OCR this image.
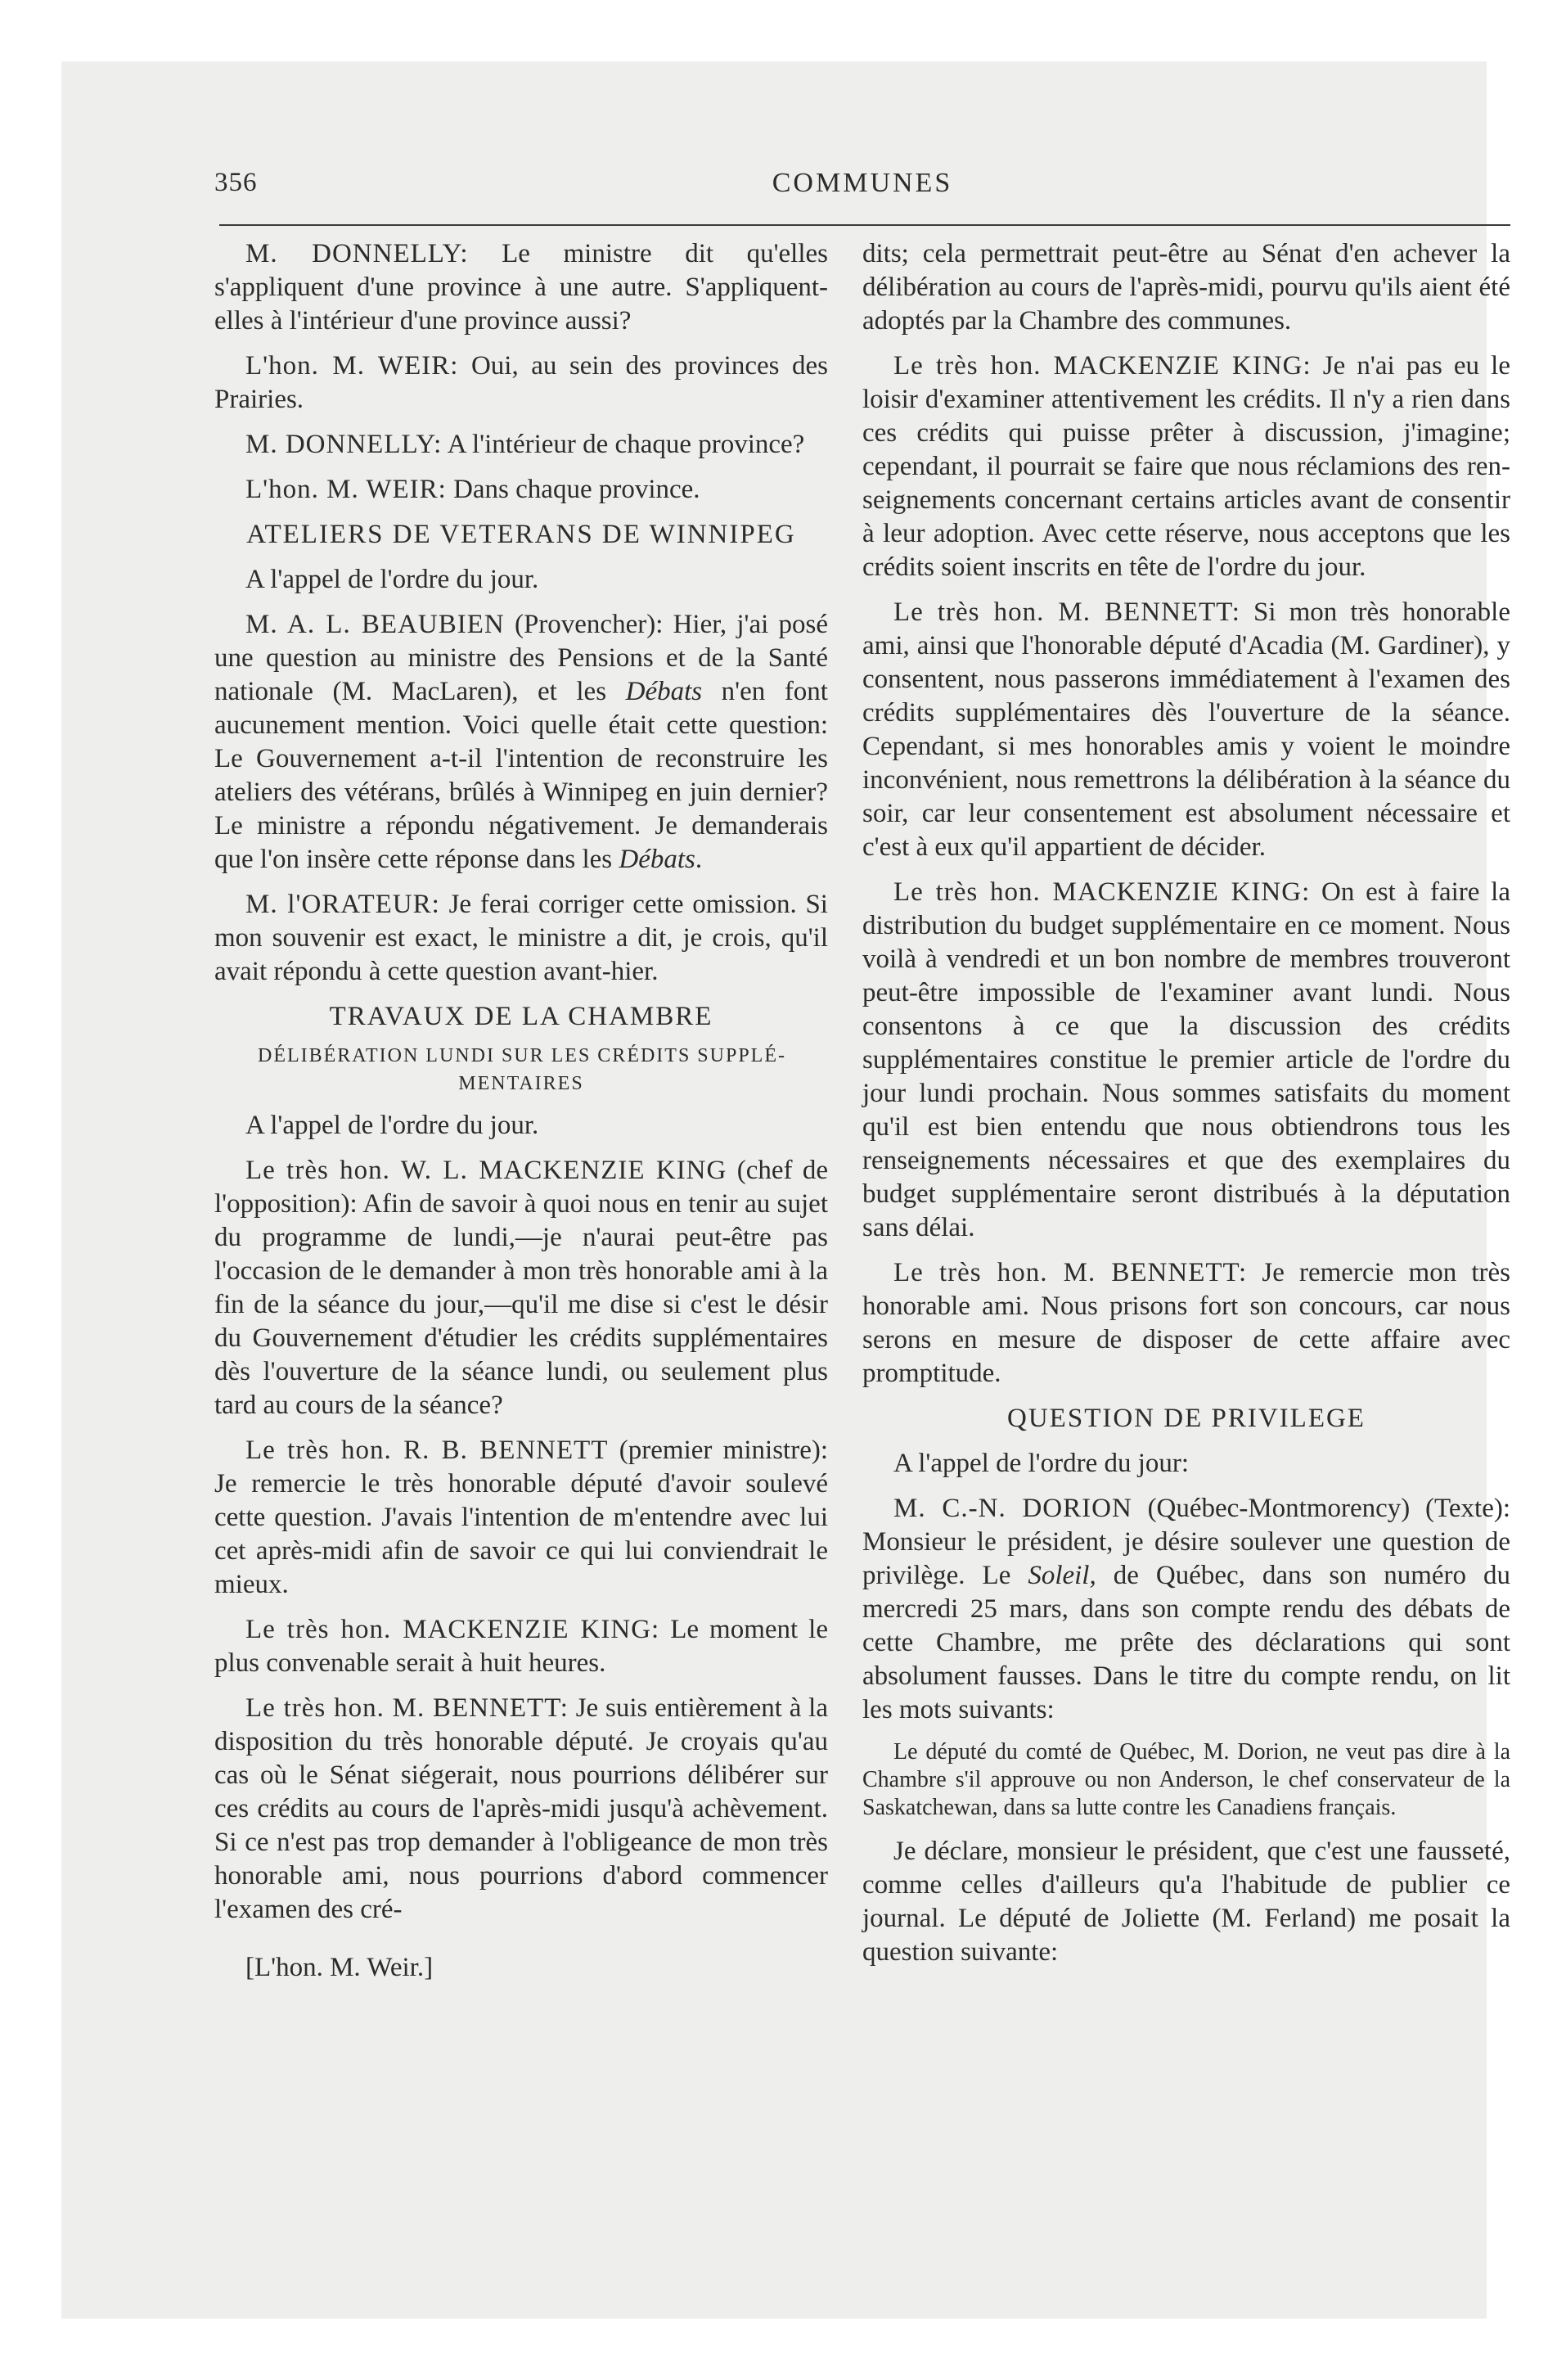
356	COMMUNES

M. DONNELLY: Le ministre dit qu'elles s'appliquent d'une province à une autre. S'appliquent-elles à l'intérieur d'une province aussi?

L'hon. M. WEIR: Oui, au sein des provinces des Prairies.

M. DONNELLY: A l'intérieur de chaque province?

L'hon. M. WEIR: Dans chaque province.

ATELIERS DE VETERANS DE WINNIPEG

A l'appel de l'ordre du jour.

M. A. L. BEAUBIEN (Provencher): Hier, j'ai posé une question au ministre des Pensions et de la Santé nationale (M. MacLaren), et les Débats n'en font aucunement mention. Voici quelle était cette question: Le Gouvernement a-t-il l'intention de reconstruire les ateliers des vétérans, brûlés à Winnipeg en juin dernier? Le ministre a répondu négativement. Je demanderais que l'on insère cette réponse dans les Débats.

M. l'ORATEUR: Je ferai corriger cette omission. Si mon souvenir est exact, le ministre a dit, je crois, qu'il avait répondu à cette question avant-hier.

TRAVAUX DE LA CHAMBRE
DÉLIBÉRATION LUNDI SUR LES CRÉDITS SUPPLÉMENTAIRES

A l'appel de l'ordre du jour.

Le très hon. W. L. MACKENZIE KING (chef de l'opposition): Afin de savoir à quoi nous en tenir au sujet du programme de lundi,—je n'aurai peut-être pas l'occasion de le demander à mon très honorable ami à la fin de la séance du jour,—qu'il me dise si c'est le désir du Gouvernement d'étudier les crédits supplémentaires dès l'ouverture de la séance lundi, ou seulement plus tard au cours de la séance?

Le très hon. R. B. BENNETT (premier ministre): Je remercie le très honorable député d'avoir soulevé cette question. J'avais l'intention de m'entendre avec lui cet après-midi afin de savoir ce qui lui conviendrait le mieux.

Le très hon. MACKENZIE KING: Le moment le plus convenable serait à huit heures.

Le très hon. M. BENNETT: Je suis entièrement à la disposition du très honorable député. Je croyais qu'au cas où le Sénat siégerait, nous pourrions délibérer sur ces crédits au cours de l'après-midi jusqu'à achèvement. Si ce n'est pas trop demander à l'obligeance de mon très honorable ami, nous pourrions d'abord commencer l'examen des cré-

[L'hon. M. Weir.]

dits; cela permettrait peut-être au Sénat d'en achever la délibération au cours de l'après-midi, pourvu qu'ils aient été adoptés par la Chambre des communes.

Le très hon. MACKENZIE KING: Je n'ai pas eu le loisir d'examiner attentivement les crédits. Il n'y a rien dans ces crédits qui puisse prêter à discussion, j'imagine; cependant, il pourrait se faire que nous réclamions des renseignements concernant certains articles avant de consentir à leur adoption. Avec cette réserve, nous acceptons que les crédits soient inscrits en tête de l'ordre du jour.

Le très hon. M. BENNETT: Si mon très honorable ami, ainsi que l'honorable député d'Acadia (M. Gardiner), y consentent, nous passerons immédiatement à l'examen des crédits supplémentaires dès l'ouverture de la séance. Cependant, si mes honorables amis y voient le moindre inconvénient, nous remettrons la délibération à la séance du soir, car leur consentement est absolument nécessaire et c'est à eux qu'il appartient de décider.

Le très hon. MACKENZIE KING: On est à faire la distribution du budget supplémentaire en ce moment. Nous voilà à vendredi et un bon nombre de membres trouveront peut-être impossible de l'examiner avant lundi. Nous consentons à ce que la discussion des crédits supplémentaires constitue le premier article de l'ordre du jour lundi prochain. Nous sommes satisfaits du moment qu'il est bien entendu que nous obtiendrons tous les renseignements nécessaires et que des exemplaires du budget supplémentaire seront distribués à la députation sans délai.

Le très hon. M. BENNETT: Je remercie mon très honorable ami. Nous prisons fort son concours, car nous serons en mesure de disposer de cette affaire avec promptitude.

QUESTION DE PRIVILEGE

A l'appel de l'ordre du jour:

M. C.-N. DORION (Québec-Montmorency) (Texte): Monsieur le président, je désire soulever une question de privilège. Le Soleil, de Québec, dans son numéro du mercredi 25 mars, dans son compte rendu des débats de cette Chambre, me prête des déclarations qui sont absolument fausses. Dans le titre du compte rendu, on lit les mots suivants:

Le député du comté de Québec, M. Dorion, ne veut pas dire à la Chambre s'il approuve ou non Anderson, le chef conservateur de la Saskatchewan, dans sa lutte contre les Canadiens français.

Je déclare, monsieur le président, que c'est une fausseté, comme celles d'ailleurs qu'a l'habitude de publier ce journal. Le député de Joliette (M. Ferland) me posait la question suivante:
